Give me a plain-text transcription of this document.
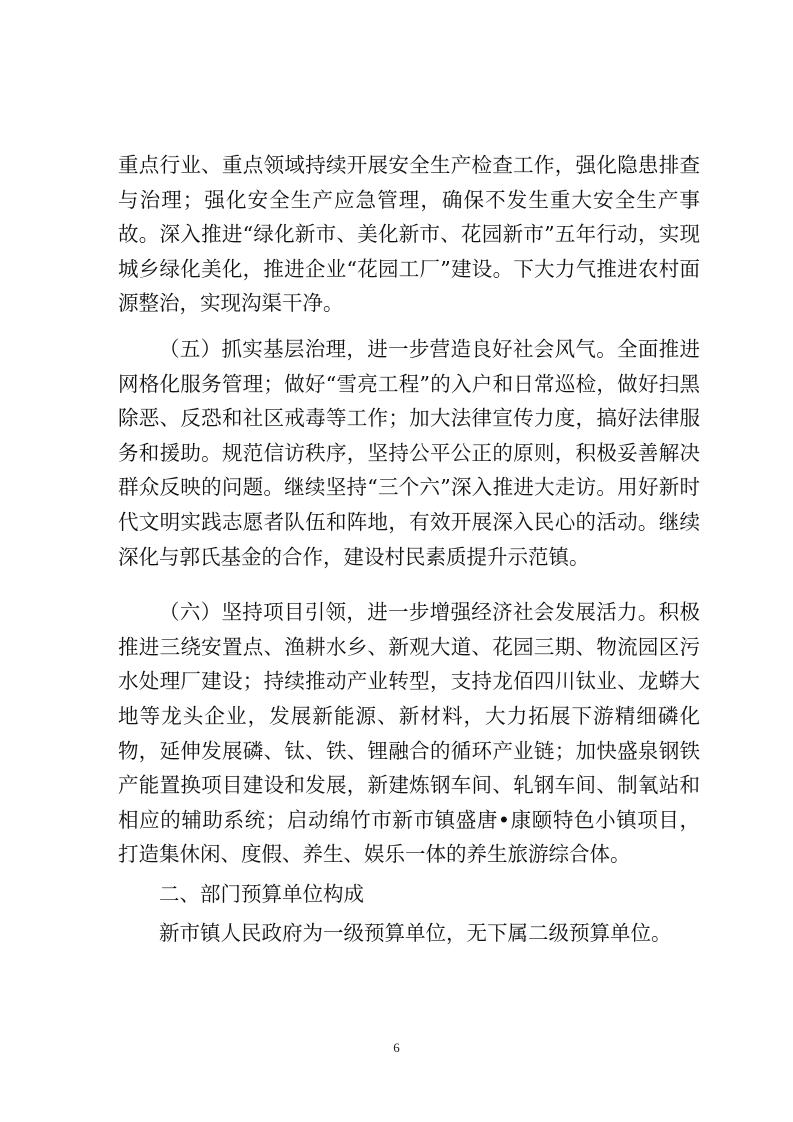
重点行业、重点领域持续开展安全生产检查工作，强化隐患排查与治理；强化安全生产应急管理，确保不发生重大安全生产事故。深入推进“绿化新市、美化新市、花园新市”五年行动，实现城乡绿化美化，推进企业“花园工厂”建设。下大力气推进农村面源整治，实现沟渠干净。

（五）抓实基层治理，进一步营造良好社会风气。全面推进网格化服务管理；做好“雪亮工程”的入户和日常巡检，做好扫黑除恶、反恐和社区戒毒等工作；加大法律宣传力度，搞好法律服务和援助。规范信访秩序，坚持公平公正的原则，积极妥善解决群众反映的问题。继续坚持“三个六”深入推进大走访。用好新时代文明实践志愿者队伍和阵地，有效开展深入民心的活动。继续深化与郭氏基金的合作，建设村民素质提升示范镇。

（六）坚持项目引领，进一步增强经济社会发展活力。积极推进三绕安置点、渔耕水乡、新观大道、花园三期、物流园区污水处理厂建设；持续推动产业转型，支持龙佰四川钛业、龙蟒大地等龙头企业，发展新能源、新材料，大力拓展下游精细磷化物，延伸发展磷、钛、铁、锂融合的循环产业链；加快盛泉钢铁产能置换项目建设和发展，新建炼钢车间、轧钢车间、制氧站和相应的辅助系统；启动绵竹市新市镇盛唐•康颐特色小镇项目，打造集休闲、度假、养生、娱乐一体的养生旅游综合体。

二、部门预算单位构成

新市镇人民政府为一级预算单位，无下属二级预算单位。

6
